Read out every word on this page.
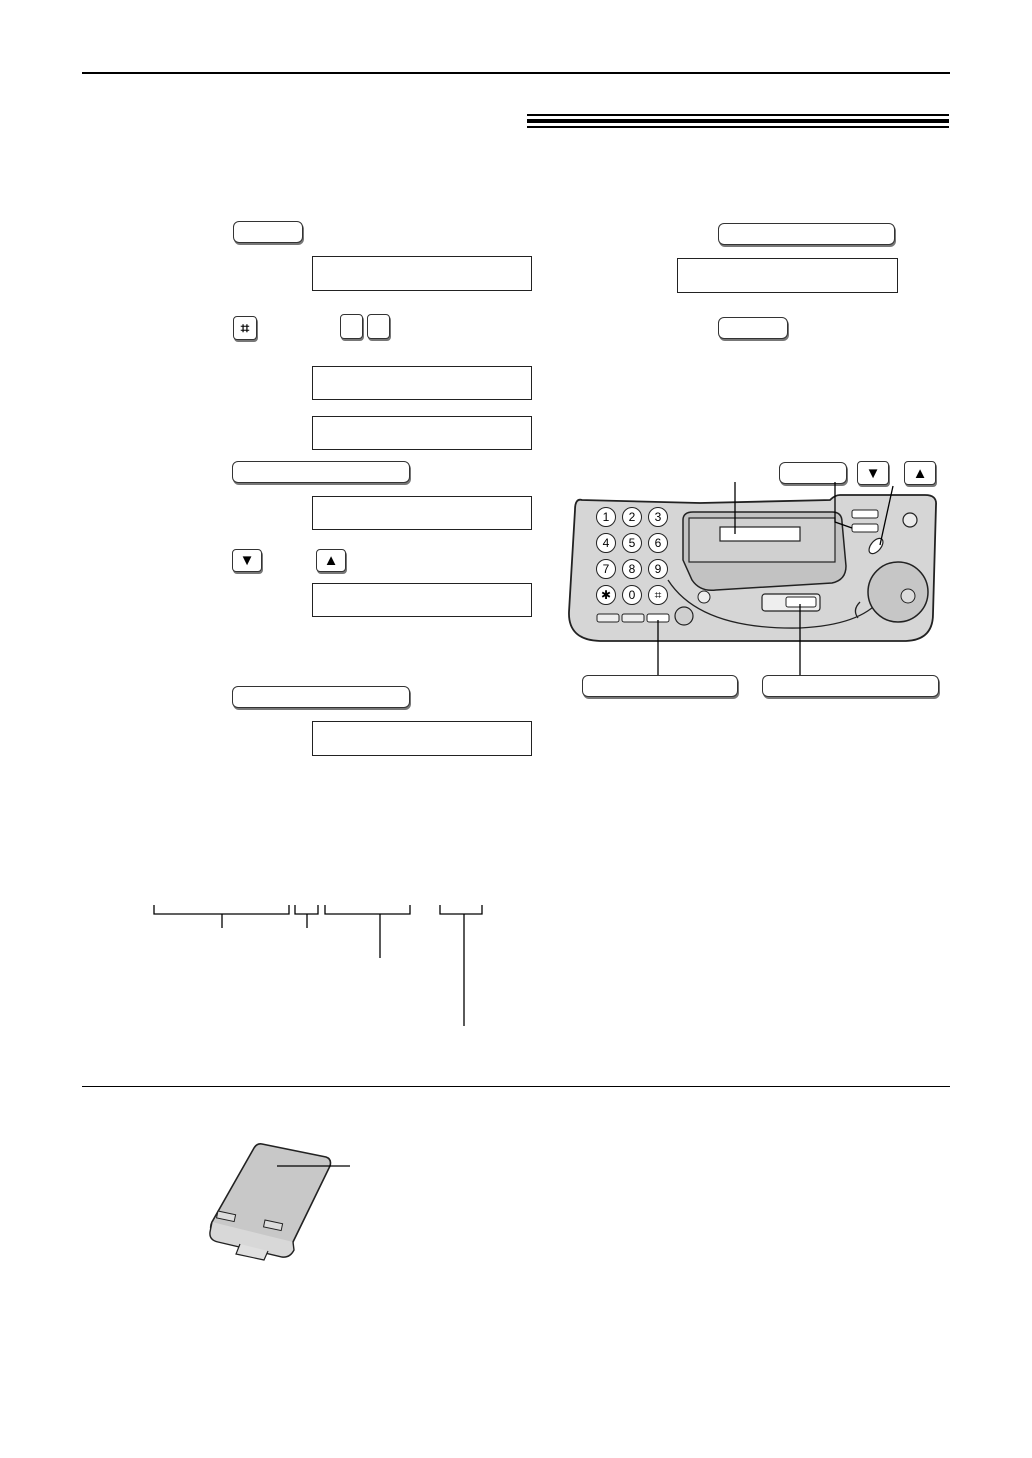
⌗
▼	▲
▼ ▲
1	2	3
4	5	6
7	8	9
✱	0	⌗
